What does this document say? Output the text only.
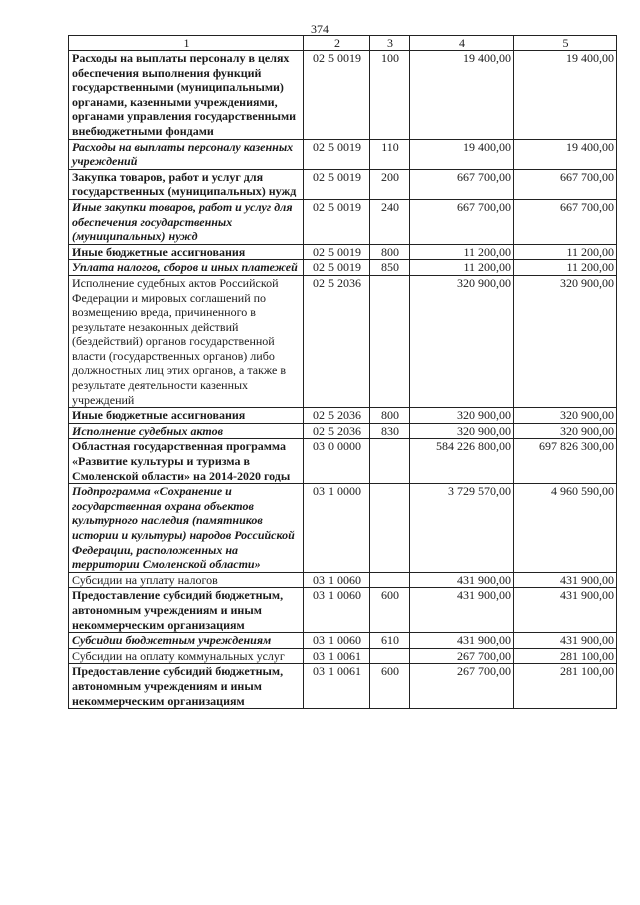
374
1	2	3	4	5
Расходы на выплаты персоналу в целях обеспечения выполнения функций государственными (муниципальными) органами, казенными учреждениями, органами управления государственными внебюджетными фондами	02 5 0019	100	19 400,00	19 400,00
Расходы на выплаты персоналу казенных учреждений	02 5 0019	110	19 400,00	19 400,00
Закупка товаров, работ и услуг для государственных (муниципальных) нужд	02 5 0019	200	667 700,00	667 700,00
Иные закупки товаров, работ и услуг для обеспечения государственных (муниципальных) нужд	02 5 0019	240	667 700,00	667 700,00
Иные бюджетные ассигнования	02 5 0019	800	11 200,00	11 200,00
Уплата налогов, сборов и иных платежей	02 5 0019	850	11 200,00	11 200,00
Исполнение судебных актов Российской Федерации и мировых соглашений по возмещению вреда, причиненного в результате незаконных действий (бездействий) органов государственной власти (государственных органов) либо должностных лиц этих органов, а также в результате деятельности казенных учреждений	02 5 2036		320 900,00	320 900,00
Иные бюджетные ассигнования	02 5 2036	800	320 900,00	320 900,00
Исполнение судебных актов	02 5 2036	830	320 900,00	320 900,00
Областная государственная программа «Развитие культуры и туризма в Смоленской области» на 2014-2020 годы	03 0 0000		584 226 800,00	697 826 300,00
Подпрограмма «Сохранение и государственная охрана объектов культурного наследия (памятников истории и культуры) народов Российской Федерации, расположенных на территории Смоленской области»	03 1 0000		3 729 570,00	4 960 590,00
Субсидии на уплату налогов	03 1 0060		431 900,00	431 900,00
Предоставление субсидий бюджетным, автономным учреждениям и иным некоммерческим организациям	03 1 0060	600	431 900,00	431 900,00
Субсидии бюджетным учреждениям	03 1 0060	610	431 900,00	431 900,00
Субсидии на оплату коммунальных услуг	03 1 0061		267 700,00	281 100,00
Предоставление субсидий бюджетным, автономным учреждениям и иным некоммерческим организациям	03 1 0061	600	267 700,00	281 100,00
